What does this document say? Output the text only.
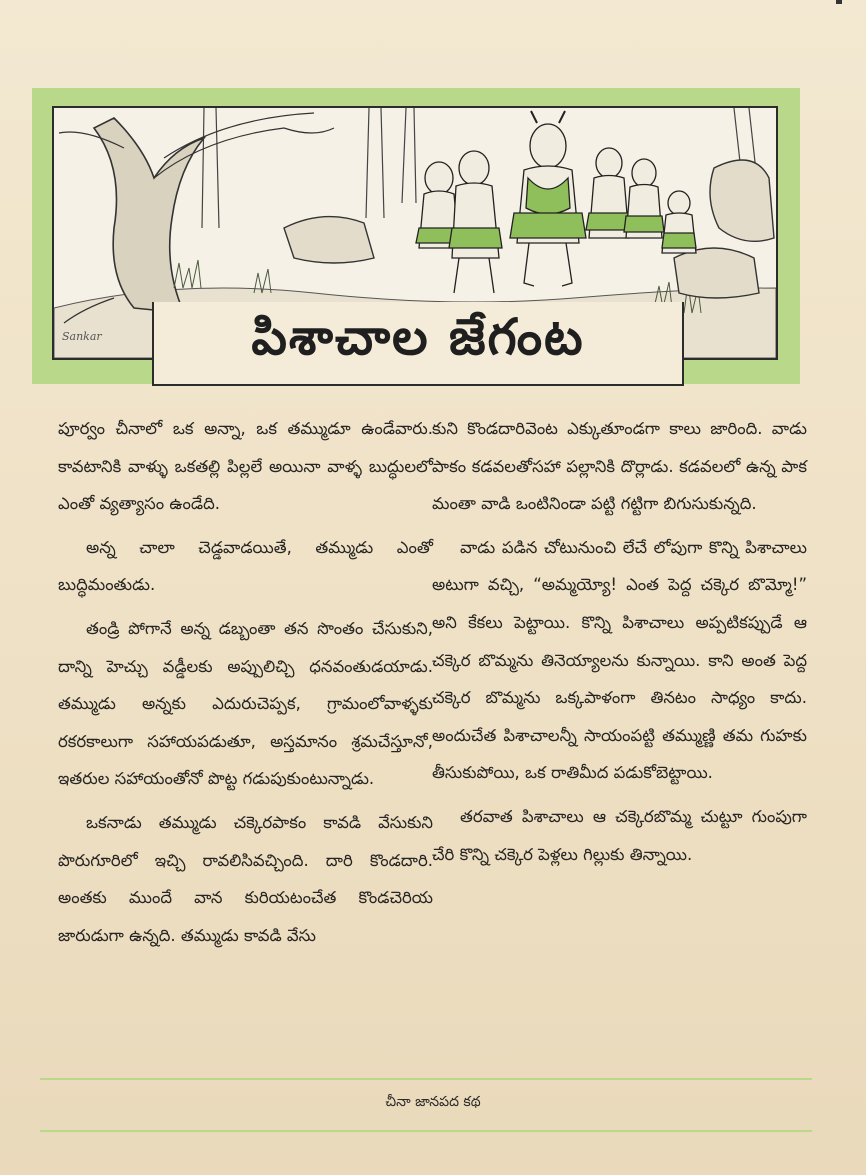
పిశాచాల జేగంట
Sankar

పూర్వం చీనాలో ఒక అన్నా, ఒక తమ్ముడూ ఉండేవారు. కావటానికి వాళ్ళు ఒకతల్లి పిల్లలే అయినా వాళ్ళ బుద్ధులలో ఎంతో వ్యత్యాసం ఉండేది.

అన్న చాలా చెడ్డవాడయితే, తమ్ముడు ఎంతో బుద్ధిమంతుడు.

తండ్రి పోగానే అన్న డబ్బంతా తన సొంతం చేసుకుని, దాన్ని హెచ్చు వడ్డీలకు అప్పులిచ్చి ధనవంతుడయాడు. తమ్ముడు అన్నకు ఎదురుచెప్పక, గ్రామంలోవాళ్ళకు రకరకాలుగా సహాయపడుతూ, అస్తమానం శ్రమచేస్తూనో, ఇతరుల సహాయంతోనో పొట్ట గడుపుకుంటున్నాడు.

ఒకనాడు తమ్ముడు చక్కెరపాకం కావడి వేసుకుని పొరుగూరిలో ఇచ్చి రావలిసివచ్చింది. దారి కొండదారి. అంతకు ముందే వాన కురియటంచేత కొండచెరియ జారుడుగా ఉన్నది. తమ్ముడు కావడి వేసు

కుని కొండదారివెంట ఎక్కుతూండగా కాలు జారింది. వాడు పాకం కడవలతోసహా పల్లానికి దొర్లాడు. కడవలలో ఉన్న పాక మంతా వాడి ఒంటినిండా పట్టి గట్టిగా బిగుసుకున్నది.

వాడు పడిన చోటునుంచి లేచే లోపుగా కొన్ని పిశాచాలు అటుగా వచ్చి, “అమ్మయ్యో! ఎంత పెద్ద చక్కెర బొమ్మో!” అని కేకలు పెట్టాయి. కొన్ని పిశాచాలు అప్పటికప్పుడే ఆ చక్కెర బొమ్మను తినెయ్యాలను కున్నాయి. కాని అంత పెద్ద చక్కెర బొమ్మను ఒక్కపాళంగా తినటం సాధ్యం కాదు. అందుచేత పిశాచాలన్నీ సాయంపట్టి తమ్ముణ్ణి తమ గుహకు తీసుకుపోయి, ఒక రాతిమీద పడుకోబెట్టాయి.

తరవాత పిశాచాలు ఆ చక్కెరబొమ్మ చుట్టూ గుంపుగా చేరి కొన్ని చక్కెర పెళ్లలు గిల్లుకు తిన్నాయి.

చీనా జానపద కథ
